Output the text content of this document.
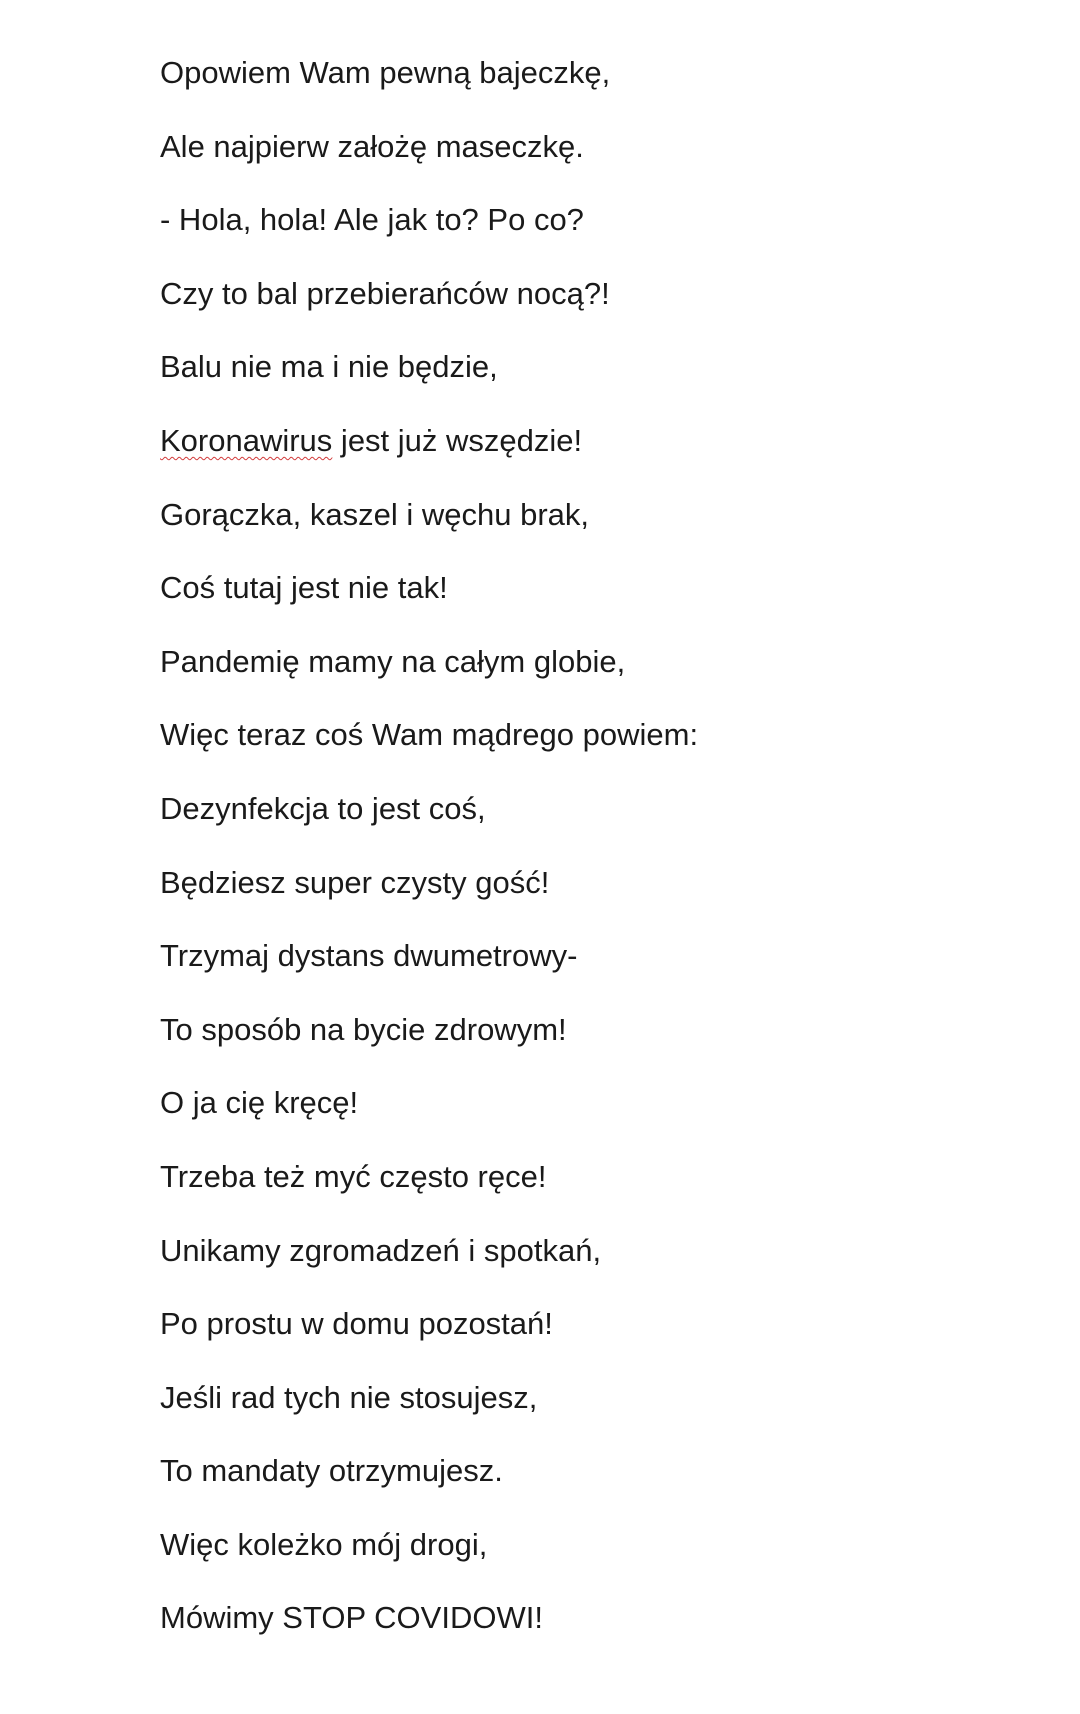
Opowiem Wam pewną bajeczkę,
Ale najpierw założę maseczkę.
- Hola, hola! Ale jak to? Po co?
Czy to bal przebierańców nocą?!
Balu nie ma i nie będzie,
Koronawirus jest już wszędzie!
Gorączka, kaszel i węchu brak,
Coś tutaj jest nie tak!
Pandemię mamy na całym globie,
Więc teraz coś Wam mądrego powiem:
Dezynfekcja to jest coś,
Będziesz super czysty gość!
Trzymaj dystans dwumetrowy-
To sposób na bycie zdrowym!
O ja cię kręcę!
Trzeba też myć często ręce!
Unikamy zgromadzeń i spotkań,
Po prostu w domu pozostań!
Jeśli rad tych nie stosujesz,
To mandaty otrzymujesz.
Więc koleżko mój drogi,
Mówimy STOP COVIDOWI!
